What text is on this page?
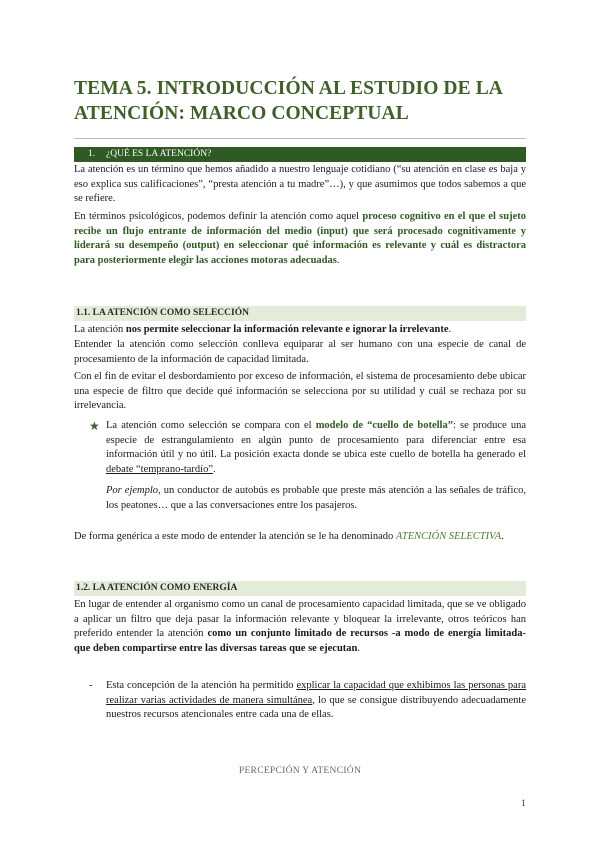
TEMA 5. INTRODUCCIÓN AL ESTUDIO DE LA
ATENCIÓN: MARCO CONCEPTUAL
1. ¿QUÉ ES LA ATENCIÓN?
La atención es un término que hemos añadido a nuestro lenguaje cotidiano (“su atención en clase es baja y eso explica sus calificaciones”, “presta atención a tu madre”…), y que asumimos que todos sabemos a que se refiere.
En términos psicológicos, podemos definir la atención como aquel proceso cognitivo en el que el sujeto recibe un flujo entrante de información del medio (input) que será procesado cognitivamente y liderará su desempeño (output) en seleccionar qué información es relevante y cuál es distractora para posteriormente elegir las acciones motoras adecuadas.
1.1. LA ATENCIÓN COMO SELECCIÓN
La atención nos permite seleccionar la información relevante e ignorar la irrelevante.
Entender la atención como selección conlleva equiparar al ser humano con una especie de canal de procesamiento de la información de capacidad limitada.
Con el fin de evitar el desbordamiento por exceso de información, el sistema de procesamiento debe ubicar una especie de filtro que decide qué información se selecciona por su utilidad y cuál se rechaza por su irrelevancia.
★ La atención como selección se compara con el modelo de “cuello de botella”: se produce una especie de estrangulamiento en algún punto de procesamiento para diferenciar entre esa información útil y no útil. La posición exacta donde se ubica este cuello de botella ha generado el debate “temprano-tardío”.
Por ejemplo, un conductor de autobús es probable que preste más atención a las señales de tráfico, los peatones… que a las conversaciones entre los pasajeros.
De forma genérica a este modo de entender la atención se le ha denominado ATENCIÓN SELECTIVA.
1.2. LA ATENCIÓN COMO ENERGÍA
En lugar de entender al organismo como un canal de procesamiento capacidad limitada, que se ve obligado a aplicar un filtro que deja pasar la información relevante y bloquear la irrelevante, otros teóricos han preferido entender la atención como un conjunto limitado de recursos -a modo de energía limitada- que deben compartirse entre las diversas tareas que se ejecutan.
-	Esta concepción de la atención ha permitido explicar la capacidad que exhibimos las personas para realizar varias actividades de manera simultánea, lo que se consigue distribuyendo adecuadamente nuestros recursos atencionales entre cada una de ellas.
PERCEPCIÓN Y ATENCIÓN
1
